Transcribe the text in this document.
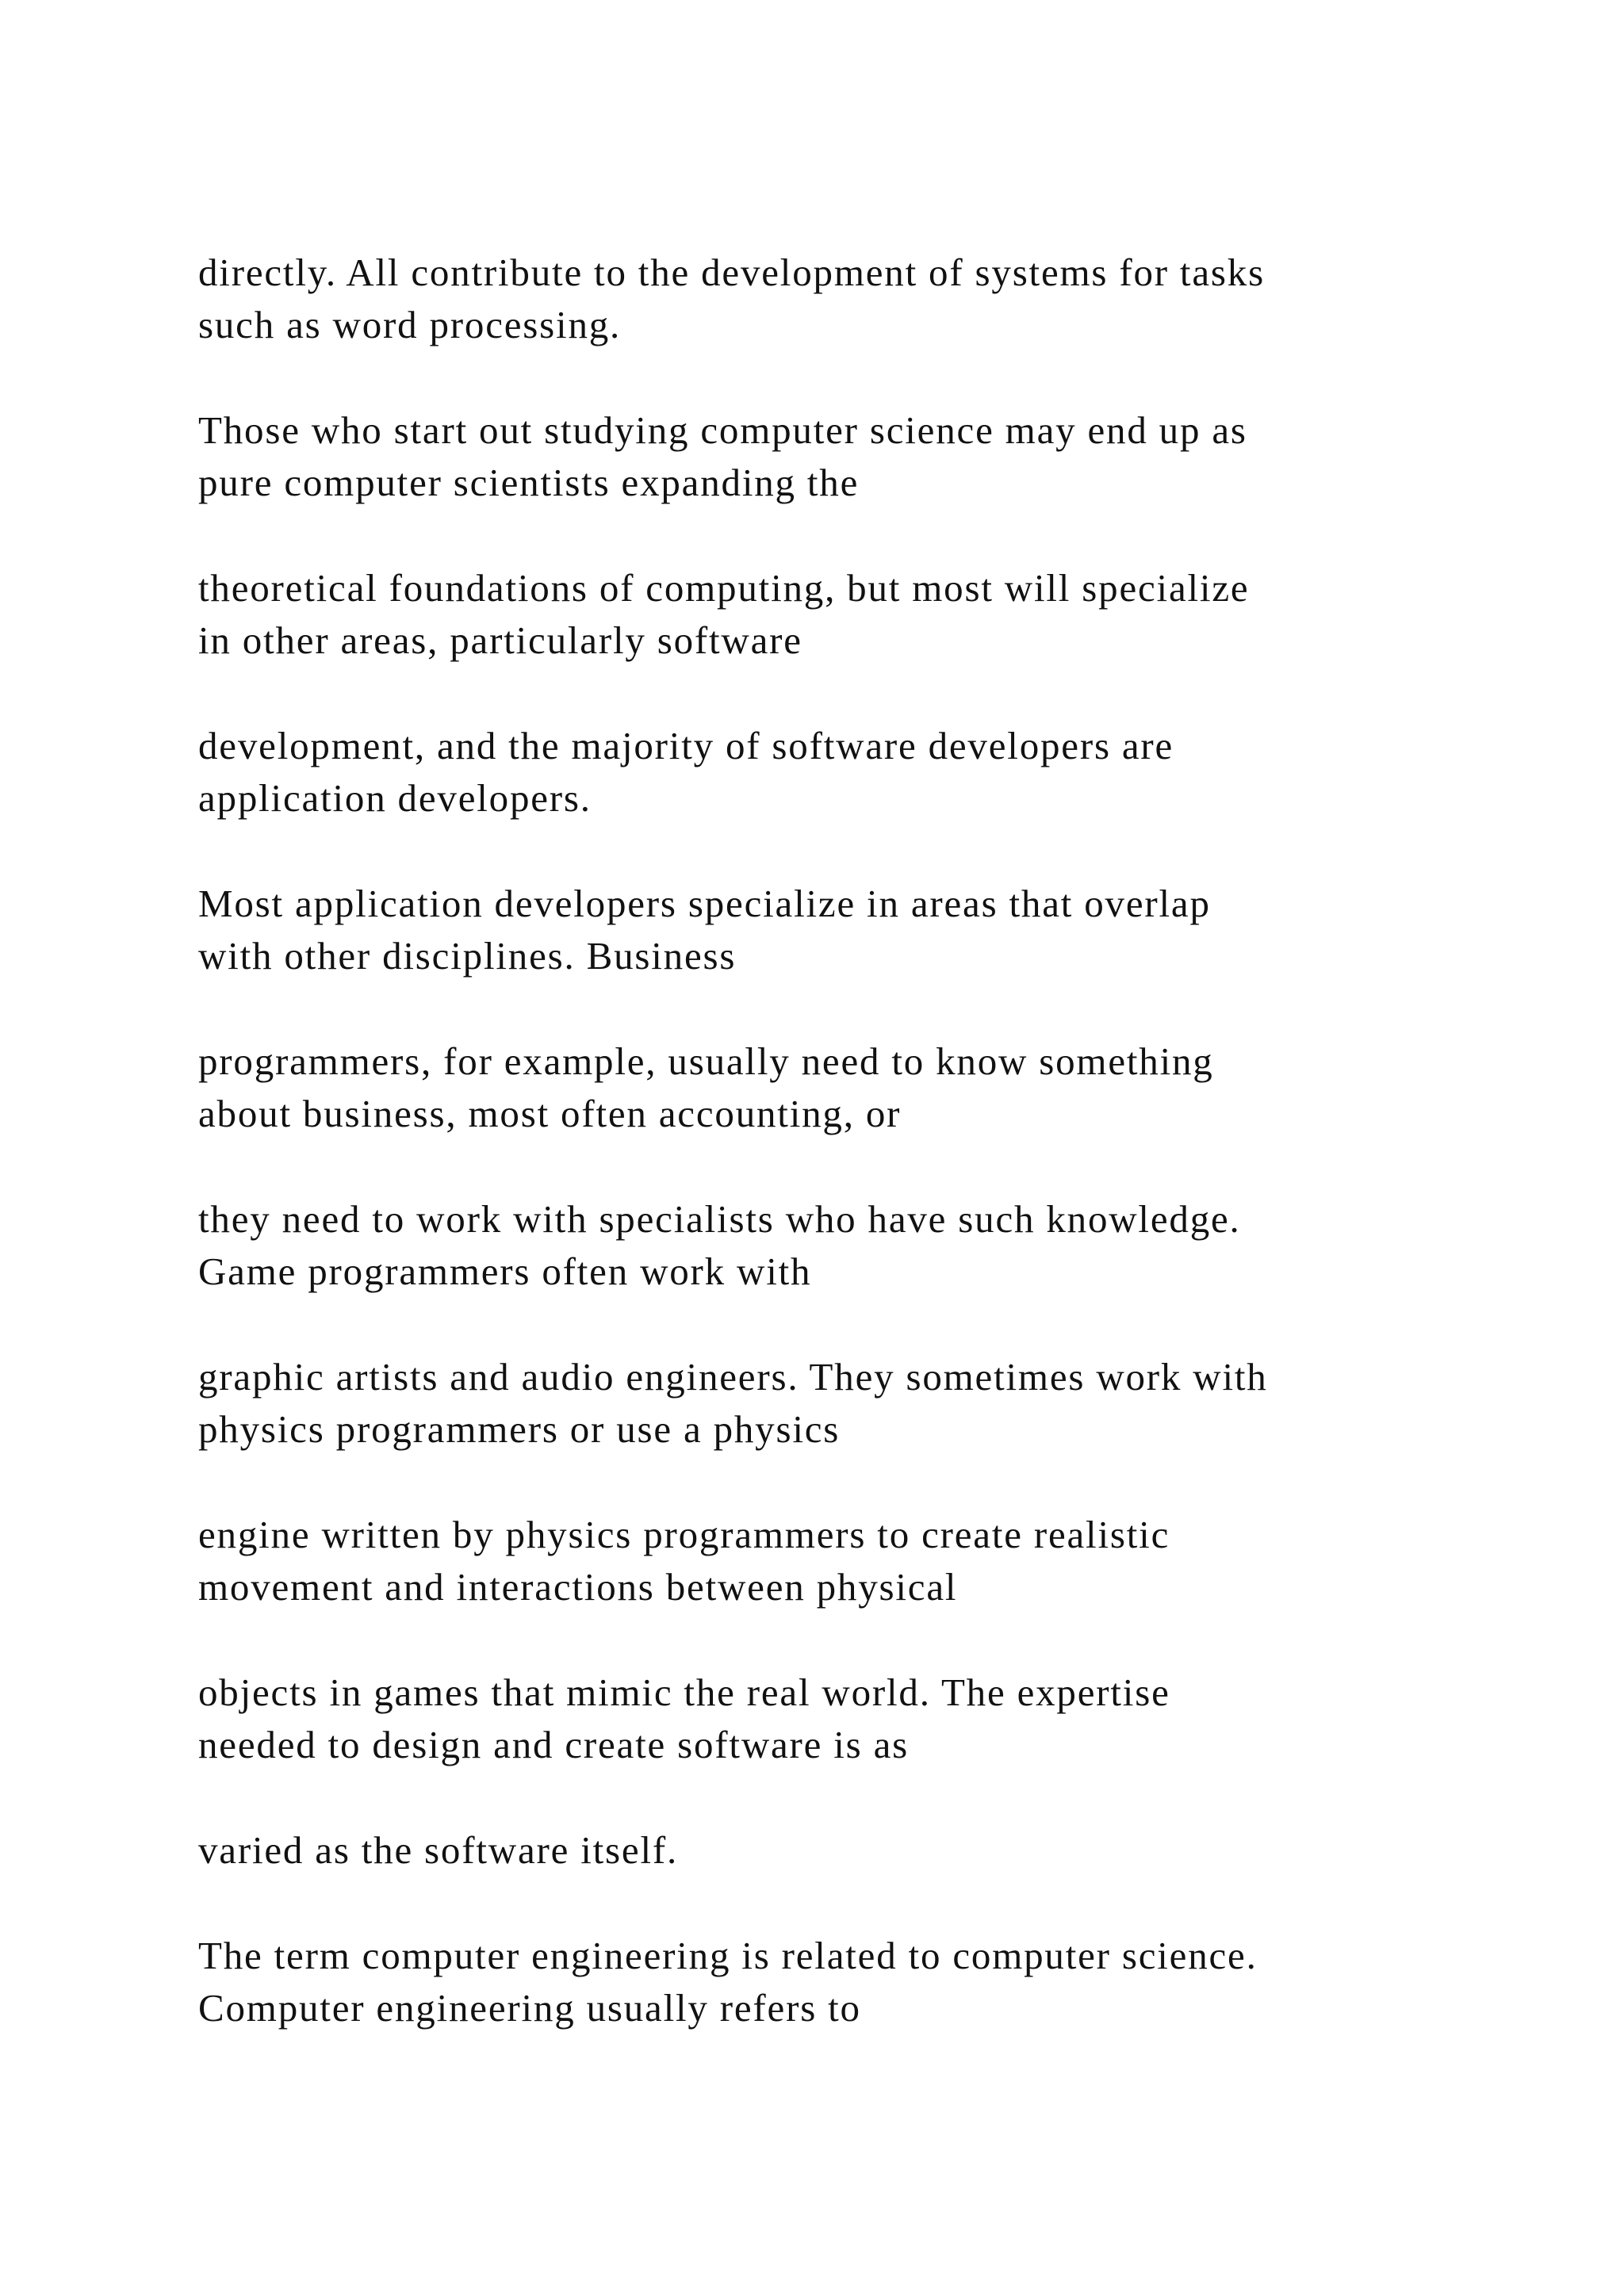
directly. All contribute to the development of systems for tasks
such as word processing.

Those who start out studying computer science may end up as
pure computer scientists expanding the

theoretical foundations of computing, but most will specialize
in other areas, particularly software

development, and the majority of software developers are
application developers.

Most application developers specialize in areas that overlap
with other disciplines. Business

programmers, for example, usually need to know something
about business, most often accounting, or

they need to work with specialists who have such knowledge.
Game programmers often work with

graphic artists and audio engineers. They sometimes work with
physics programmers or use a physics

engine written by physics programmers to create realistic
movement and interactions between physical

objects in games that mimic the real world. The expertise
needed to design and create software is as

varied as the software itself.

The term computer engineering is related to computer science.
Computer engineering usually refers to
